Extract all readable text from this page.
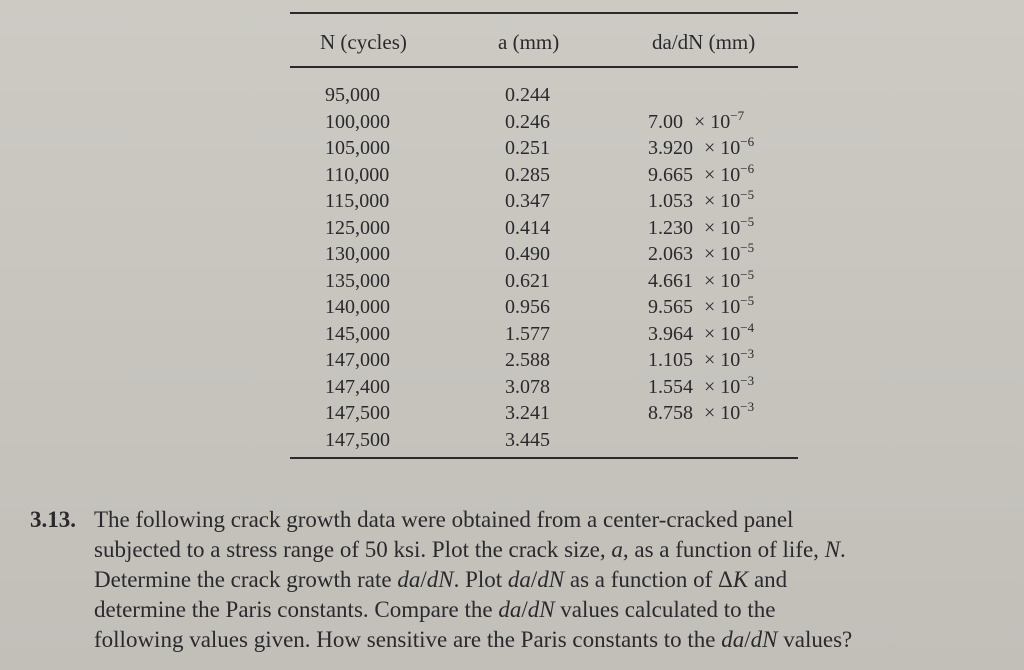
N (cycles)	a (mm)	da/dN (mm)
95,000
100,000
105,000
110,000
115,000
125,000
130,000
135,000
140,000
145,000
147,000
147,400
147,500
147,500
0.244
0.246
0.251
0.285
0.347
0.414
0.490
0.621
0.956
1.577
2.588
3.078
3.241
3.445
$7.00 \times 10^{-7}$
$3.920 \times 10^{-6}$
$9.665 \times 10^{-6}$
$1.053 \times 10^{-5}$
$1.230 \times 10^{-5}$
$2.063 \times 10^{-5}$
$4.661 \times 10^{-5}$
$9.565 \times 10^{-5}$
$3.964 \times 10^{-4}$
$1.105 \times 10^{-3}$
$1.554 \times 10^{-3}$
$8.758 \times 10^{-3}$
3.13. The following crack growth data were obtained from a center-cracked panel
subjected to a stress range of 50 ksi. Plot the crack size, a, as a function of life, N.
Determine the crack growth rate da/dN. Plot da/dN as a function of ΔK and
determine the Paris constants. Compare the da/dN values calculated to the
following values given. How sensitive are the Paris constants to the da/dN values?
